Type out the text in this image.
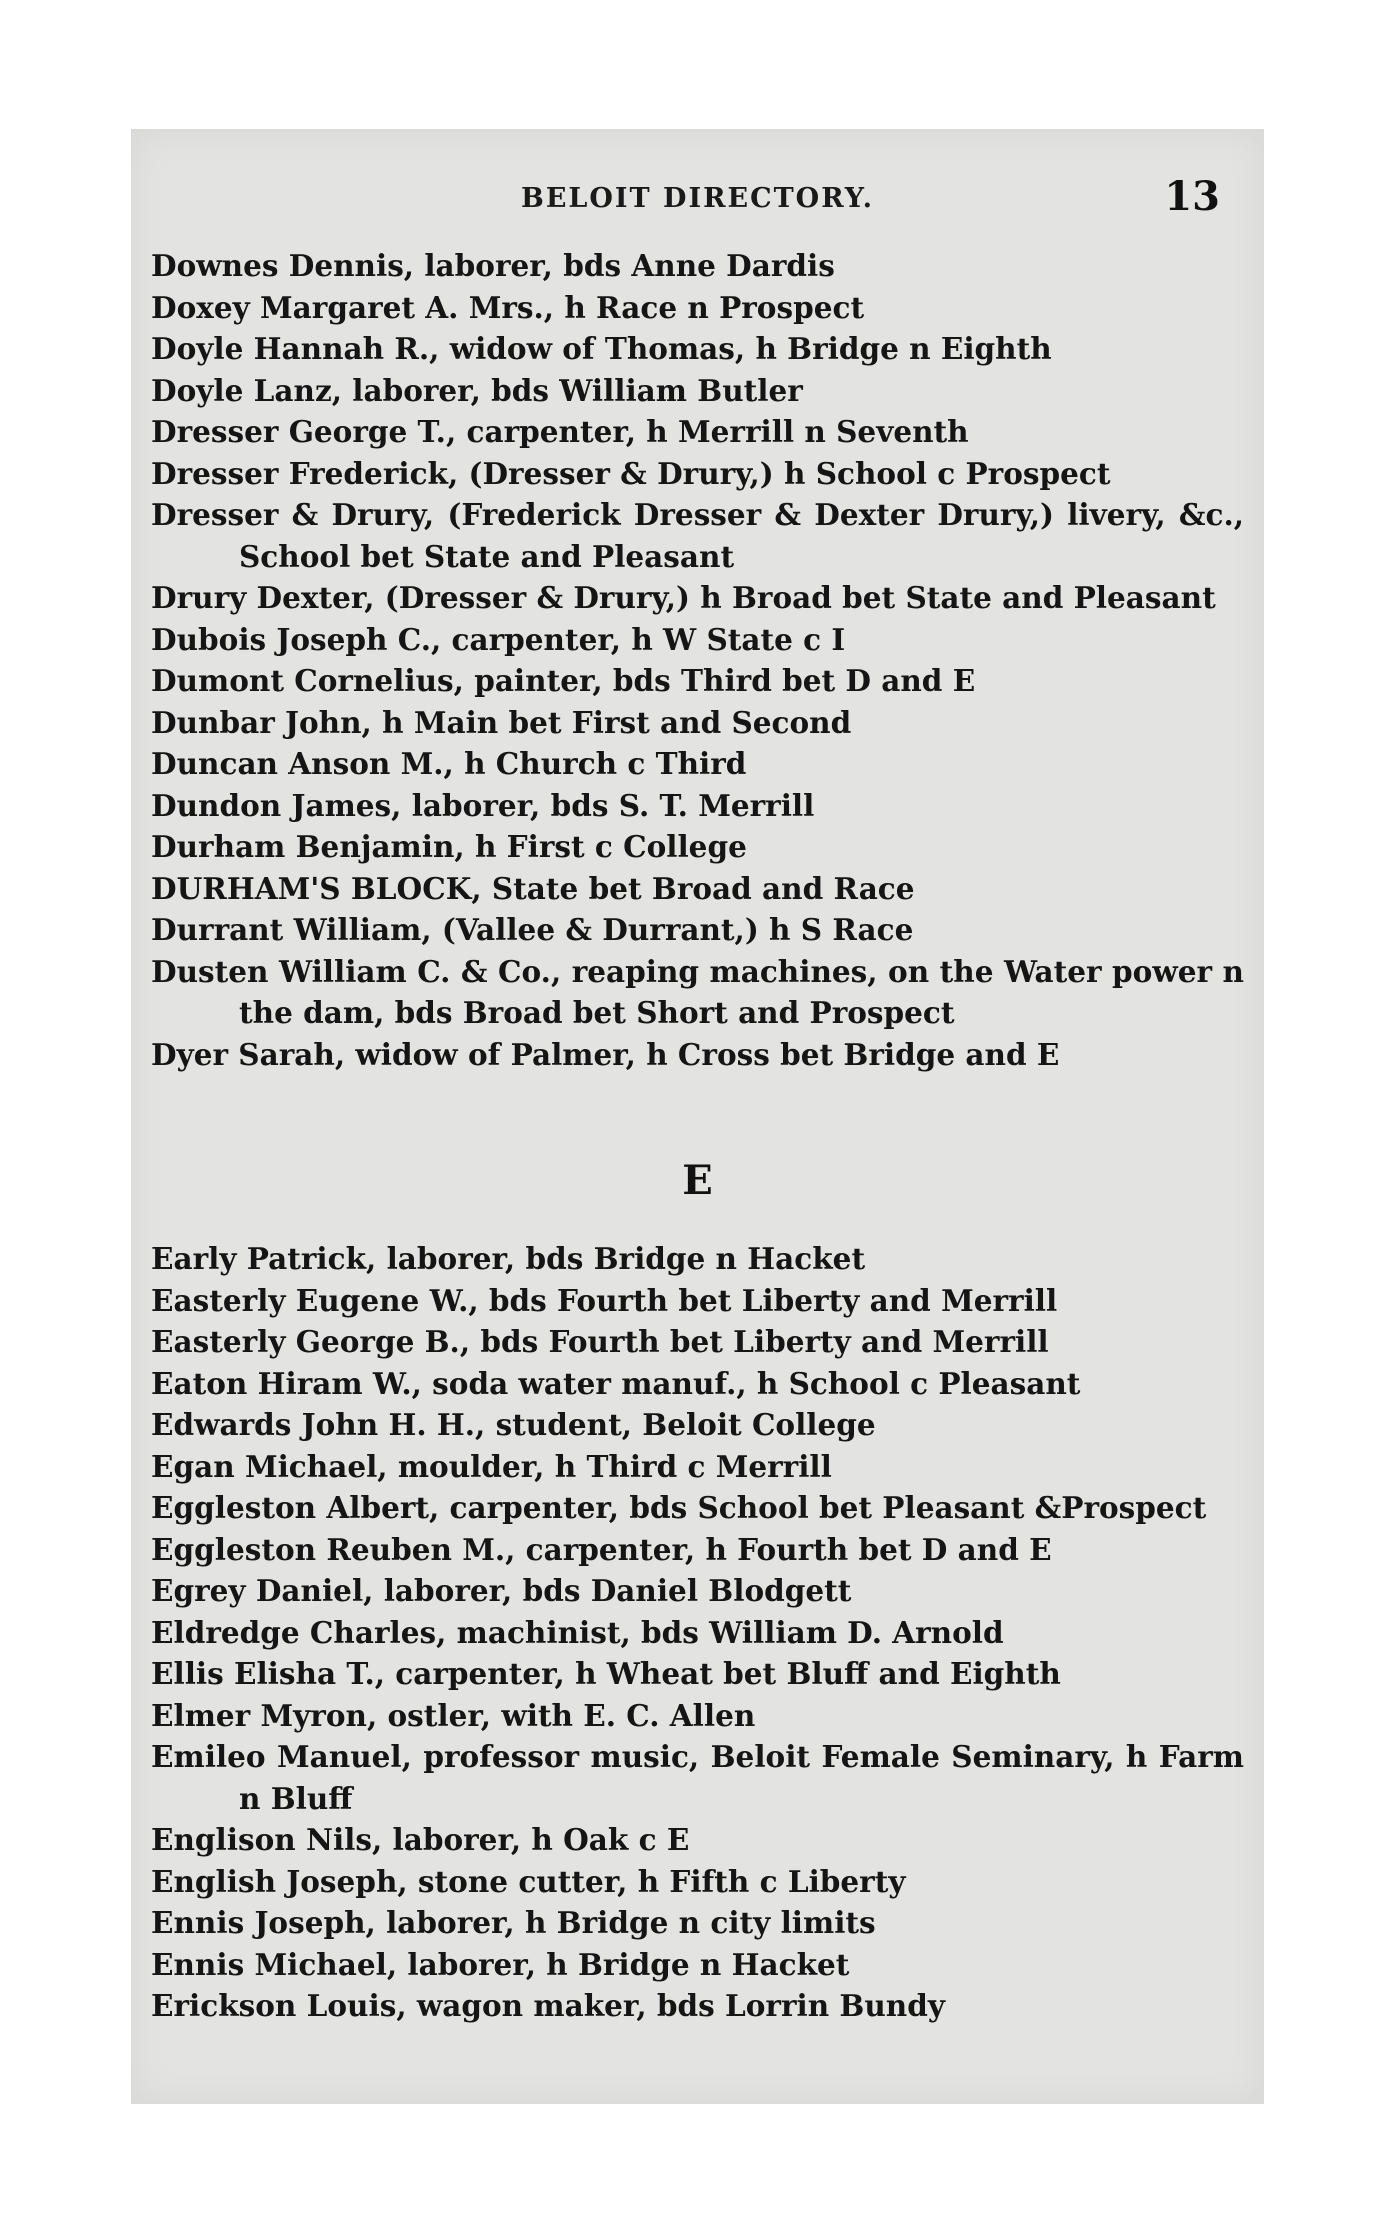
BELOIT DIRECTORY.	13
Downes Dennis, laborer, bds Anne Dardis
Doxey Margaret A. Mrs., h Race n Prospect
Doyle Hannah R., widow of Thomas, h Bridge n Eighth
Doyle Lanz, laborer, bds William Butler
Dresser George T., carpenter, h Merrill n Seventh
Dresser Frederick, (Dresser & Drury,) h School c Prospect
Dresser & Drury, (Frederick Dresser & Dexter Drury,) livery, &c., School bet State and Pleasant
Drury Dexter, (Dresser & Drury,) h Broad bet State and Pleasant
Dubois Joseph C., carpenter, h W State c I
Dumont Cornelius, painter, bds Third bet D and E
Dunbar John, h Main bet First and Second
Duncan Anson M., h Church c Third
Dundon James, laborer, bds S. T. Merrill
Durham Benjamin, h First c College
DURHAM'S BLOCK, State bet Broad and Race
Durrant William, (Vallee & Durrant,) h S Race
Dusten William C. & Co., reaping machines, on the Water power n the dam, bds Broad bet Short and Prospect
Dyer Sarah, widow of Palmer, h Cross bet Bridge and E
E
Early Patrick, laborer, bds Bridge n Hacket
Easterly Eugene W., bds Fourth bet Liberty and Merrill
Easterly George B., bds Fourth bet Liberty and Merrill
Eaton Hiram W., soda water manuf., h School c Pleasant
Edwards John H. H., student, Beloit College
Egan Michael, moulder, h Third c Merrill
Eggleston Albert, carpenter, bds School bet Pleasant &Prospect
Eggleston Reuben M., carpenter, h Fourth bet D and E
Egrey Daniel, laborer, bds Daniel Blodgett
Eldredge Charles, machinist, bds William D. Arnold
Ellis Elisha T., carpenter, h Wheat bet Bluff and Eighth
Elmer Myron, ostler, with E. C. Allen
Emileo Manuel, professor music, Beloit Female Seminary, h Farm n Bluff
Englison Nils, laborer, h Oak c E
English Joseph, stone cutter, h Fifth c Liberty
Ennis Joseph, laborer, h Bridge n city limits
Ennis Michael, laborer, h Bridge n Hacket
Erickson Louis, wagon maker, bds Lorrin Bundy
